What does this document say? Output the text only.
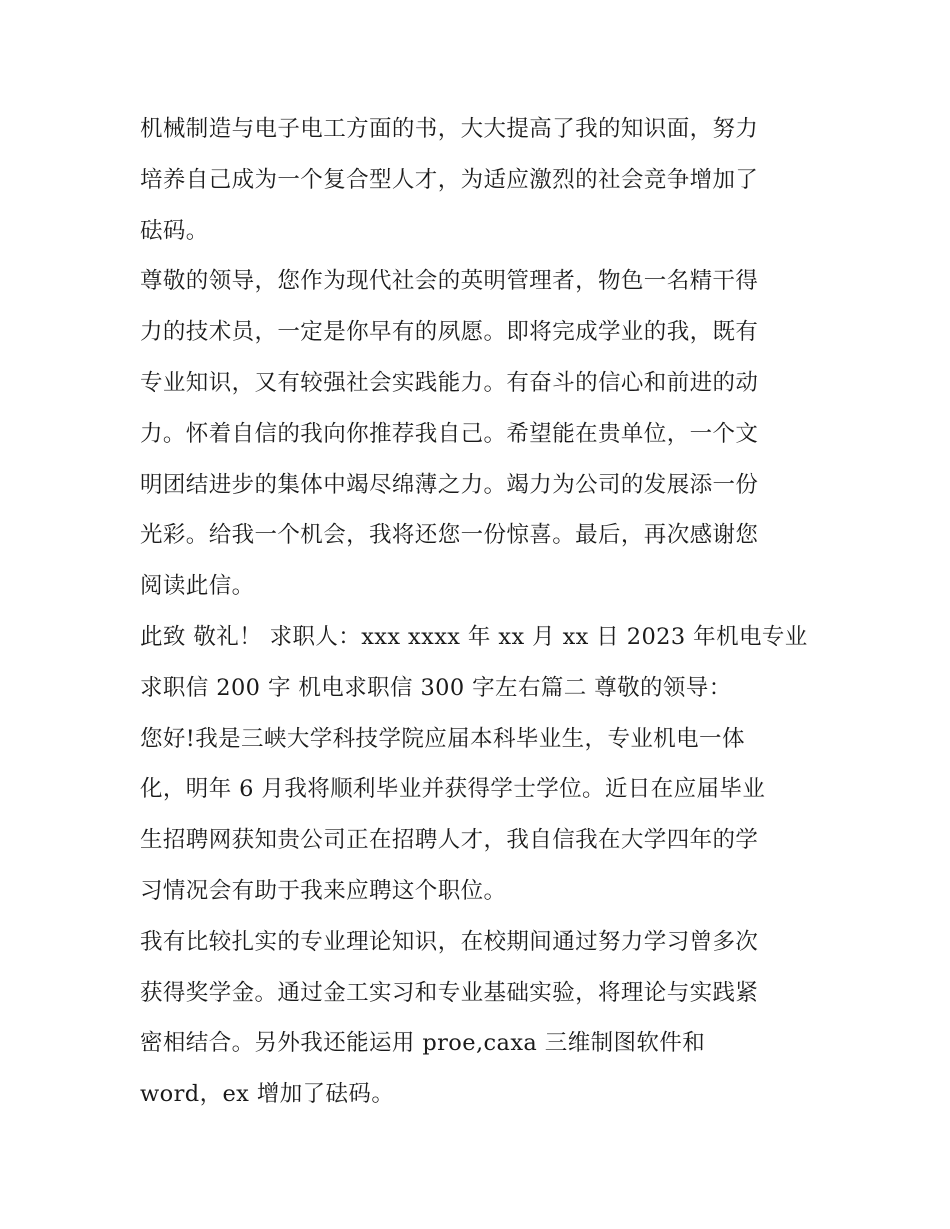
机械制造与电子电工方面的书，大大提高了我的知识面，努力
培养自己成为一个复合型人才，为适应激烈的社会竞争增加了
砝码。
尊敬的领导，您作为现代社会的英明管理者，物色一名精干得
力的技术员，一定是你早有的夙愿。即将完成学业的我，既有
专业知识，又有较强社会实践能力。有奋斗的信心和前进的动
力。怀着自信的我向你推荐我自己。希望能在贵单位，一个文
明团结进步的集体中竭尽绵薄之力。竭力为公司的发展添一份
光彩。给我一个机会，我将还您一份惊喜。最后，再次感谢您
阅读此信。
此致 敬礼！ 求职人：xxx xxxx 年 xx 月 xx 日 2023 年机电专业
求职信 200 字 机电求职信 300 字左右篇二 尊敬的领导：
您好!我是三峡大学科技学院应届本科毕业生，专业机电一体
化，明年 6 月我将顺利毕业并获得学士学位。近日在应届毕业
生招聘网获知贵公司正在招聘人才，我自信我在大学四年的学
习情况会有助于我来应聘这个职位。
我有比较扎实的专业理论知识，在校期间通过努力学习曾多次
获得奖学金。通过金工实习和专业基础实验，将理论与实践紧
密相结合。另外我还能运用 proe,caxa 三维制图软件和
word，ex 增加了砝码。
